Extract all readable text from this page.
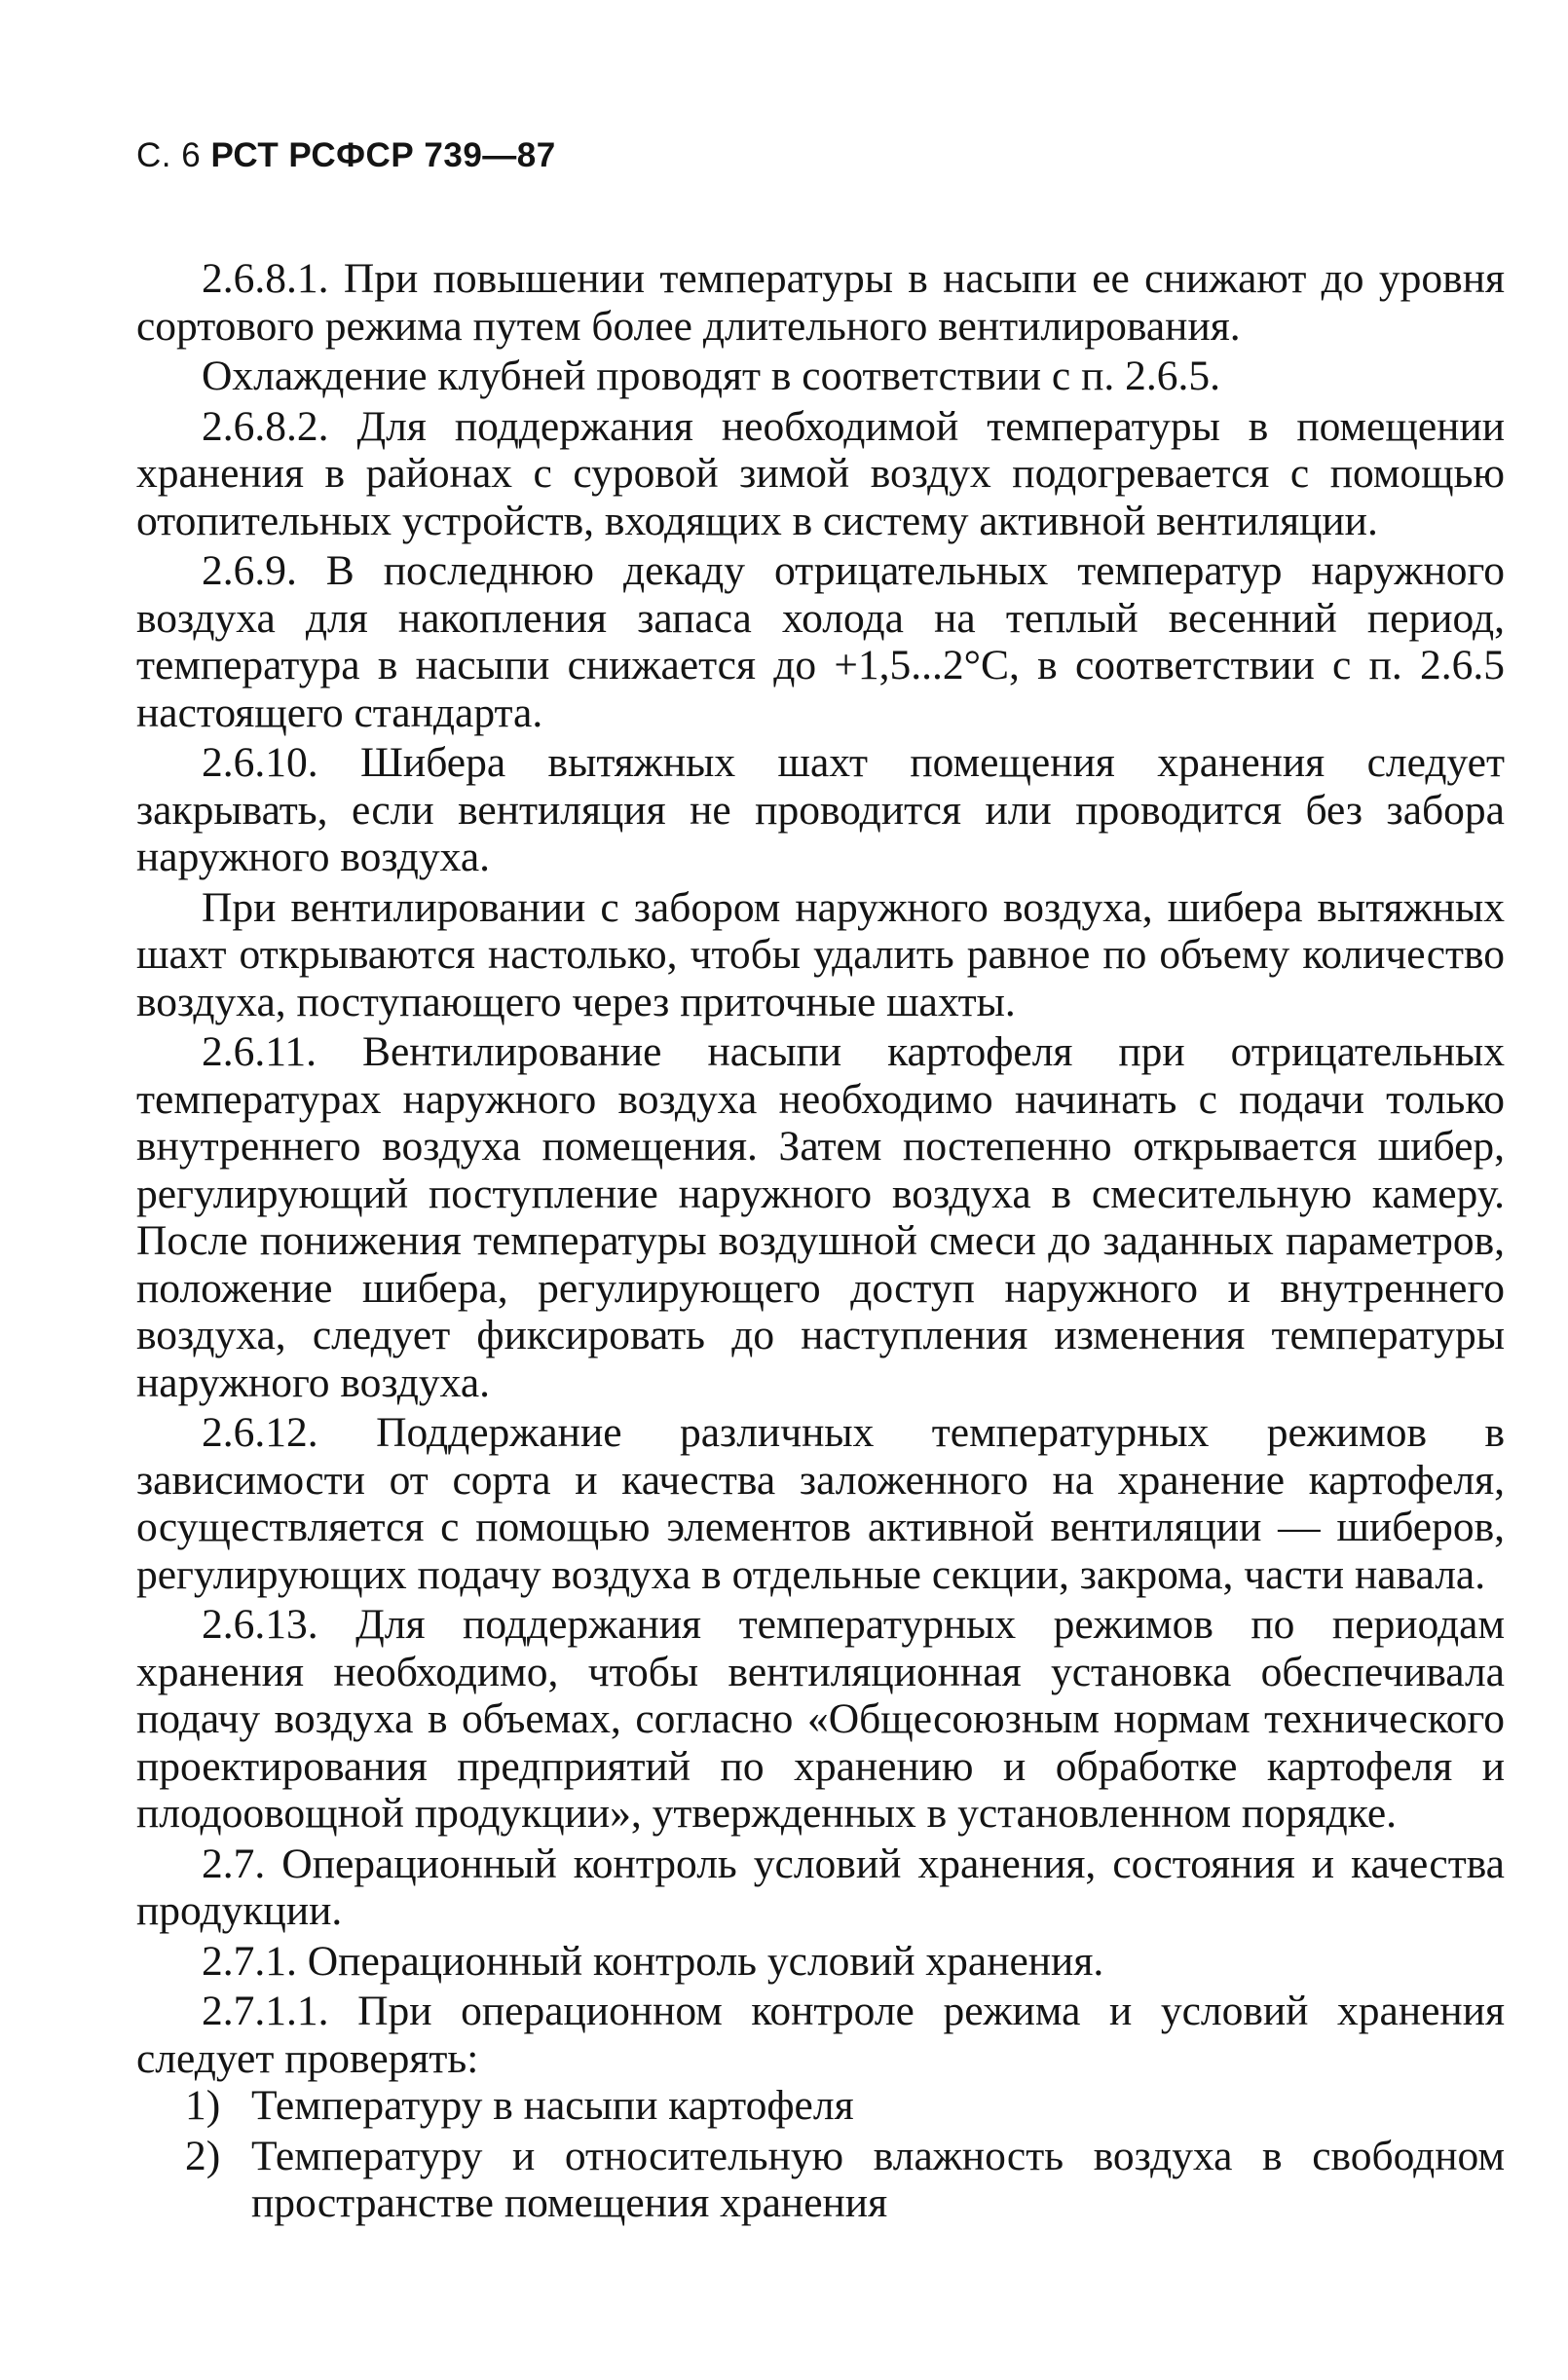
С. 6 РСТ РСФСР 739—87

2.6.8.1. При повышении температуры в насыпи ее снижают до уровня сортового режима путем более длительного вентилирования.

Охлаждение клубней проводят в соответствии с п. 2.6.5.

2.6.8.2. Для поддержания необходимой температуры в помещении хранения в районах с суровой зимой воздух подогревается с помощью отопительных устройств, входящих в систему активной вентиляции.

2.6.9. В последнюю декаду отрицательных температур наружного воздуха для накопления запаса холода на теплый весенний период, температура в насыпи снижается до +1,5...2°С, в соответствии с п. 2.6.5 настоящего стандарта.

2.6.10. Шибера вытяжных шахт помещения хранения следует закрывать, если вентиляция не проводится или проводится без забора наружного воздуха.

При вентилировании с забором наружного воздуха, шибера вытяжных шахт открываются настолько, чтобы удалить равное по объему количество воздуха, поступающего через приточные шахты.

2.6.11. Вентилирование насыпи картофеля при отрицательных температурах наружного воздуха необходимо начинать с подачи только внутреннего воздуха помещения. Затем постепенно открывается шибер, регулирующий поступление наружного воздуха в смесительную камеру. После понижения температуры воздушной смеси до заданных параметров, положение шибера, регулирующего доступ наружного и внутреннего воздуха, следует фиксировать до наступления изменения температуры наружного воздуха.

2.6.12. Поддержание различных температурных режимов в зависимости от сорта и качества заложенного на хранение картофеля, осуществляется с помощью элементов активной вентиляции — шиберов, регулирующих подачу воздуха в отдельные секции, закрома, части навала.

2.6.13. Для поддержания температурных режимов по периодам хранения необходимо, чтобы вентиляционная установка обеспечивала подачу воздуха в объемах, согласно «Общесоюзным нормам технического проектирования предприятий по хранению и обработке картофеля и плодоовощной продукции», утвержденных в установленном порядке.

2.7. Операционный контроль условий хранения, состояния и качества продукции.

2.7.1. Операционный контроль условий хранения.

2.7.1.1. При операционном контроле режима и условий хранения следует проверять:

1) Температуру в насыпи картофеля
2) Температуру и относительную влажность воздуха в свободном пространстве помещения хранения
